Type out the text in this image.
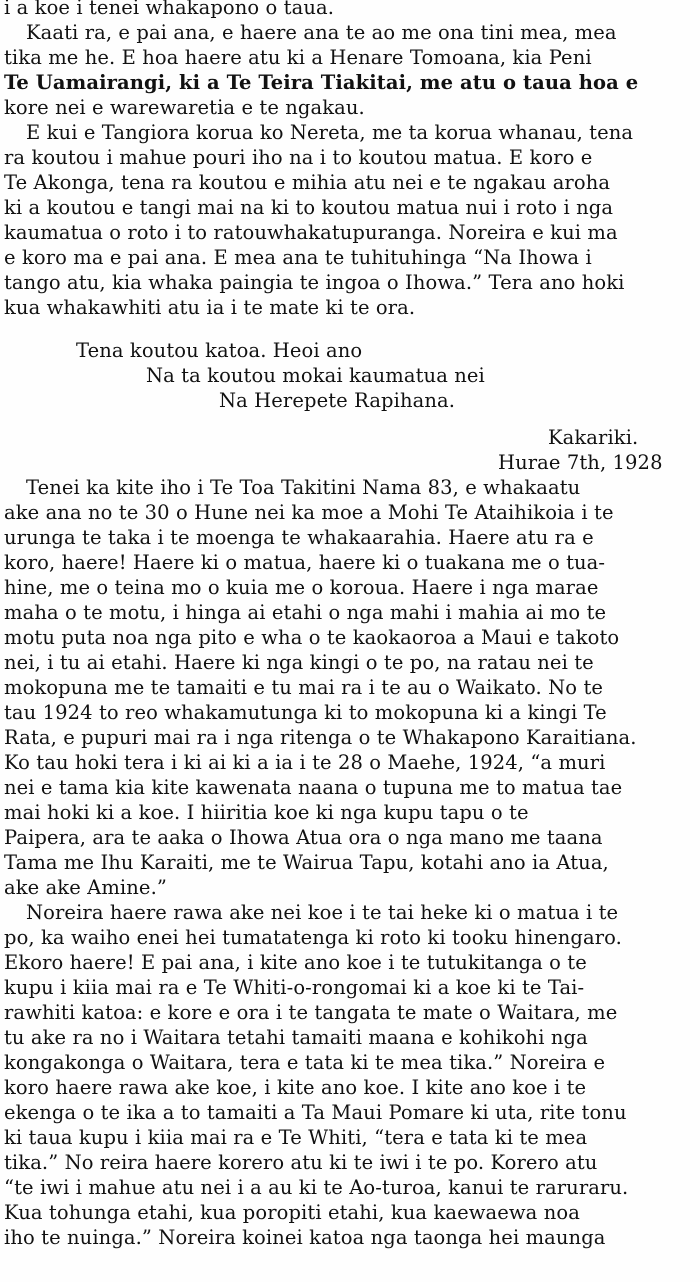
i a koe i tenei whakapono o taua.
Kaati ra, e pai ana, e haere ana te ao me ona tini mea, mea
tika me he. E hoa haere atu ki a Henare Tomoana, kia Peni
Te Uamairangi, ki a Te Teira Tiakitai, me atu o taua hoa e
kore nei e warewaretia e te ngakau.
E kui e Tangiora korua ko Nereta, me ta korua whanau, tena
ra koutou i mahue pouri iho na i to koutou matua. E koro e
Te Akonga, tena ra koutou e mihia atu nei e te ngakau aroha
ki a koutou e tangi mai na ki to koutou matua nui i roto i nga
kaumatua o roto i to ratouwhakatupuranga. Noreira e kui ma
e koro ma e pai ana. E mea ana te tuhituhinga “Na Ihowa i
tango atu, kia whaka paingia te ingoa o Ihowa.” Tera ano hoki
kua whakawhiti atu ia i te mate ki te ora.
Tena koutou katoa. Heoi ano
Na ta koutou mokai kaumatua nei
Na Herepete Rapihana.
Kakariki.
Hurae 7th, 1928
Tenei ka kite iho i Te Toa Takitini Nama 83, e whakaatu
ake ana no te 30 o Hune nei ka moe a Mohi Te Ataihikoia i te
urunga te taka i te moenga te whakaarahia. Haere atu ra e
koro, haere! Haere ki o matua, haere ki o tuakana me o tua-
hine, me o teina mo o kuia me o koroua. Haere i nga marae
maha o te motu, i hinga ai etahi o nga mahi i mahia ai mo te
motu puta noa nga pito e wha o te kaokaoroa a Maui e takoto
nei, i tu ai etahi. Haere ki nga kingi o te po, na ratau nei te
mokopuna me te tamaiti e tu mai ra i te au o Waikato. No te
tau 1924 to reo whakamutunga ki to mokopuna ki a kingi Te
Rata, e pupuri mai ra i nga ritenga o te Whakapono Karaitiana.
Ko tau hoki tera i ki ai ki a ia i te 28 o Maehe, 1924, “a muri
nei e tama kia kite kawenata naana o tupuna me to matua tae
mai hoki ki a koe. I hiiritia koe ki nga kupu tapu o te
Paipera, ara te aaka o Ihowa Atua ora o nga mano me taana
Tama me Ihu Karaiti, me te Wairua Tapu, kotahi ano ia Atua,
ake ake Amine.”
Noreira haere rawa ake nei koe i te tai heke ki o matua i te
po, ka waiho enei hei tumatatenga ki roto ki tooku hinengaro.
Ekoro haere! E pai ana, i kite ano koe i te tutukitanga o te
kupu i kiia mai ra e Te Whiti-o-rongomai ki a koe ki te Tai-
rawhiti katoa: e kore e ora i te tangata te mate o Waitara, me
tu ake ra no i Waitara tetahi tamaiti maana e kohikohi nga
kongakonga o Waitara, tera e tata ki te mea tika.” Noreira e
koro haere rawa ake koe, i kite ano koe. I kite ano koe i te
ekenga o te ika a to tamaiti a Ta Maui Pomare ki uta, rite tonu
ki taua kupu i kiia mai ra e Te Whiti, “tera e tata ki te mea
tika.” No reira haere korero atu ki te iwi i te po. Korero atu
“te iwi i mahue atu nei i a au ki te Ao-turoa, kanui te raruraru.
Kua tohunga etahi, kua poropiti etahi, kua kaewaewa noa
iho te nuinga.” Noreira koinei katoa nga taonga hei maunga
